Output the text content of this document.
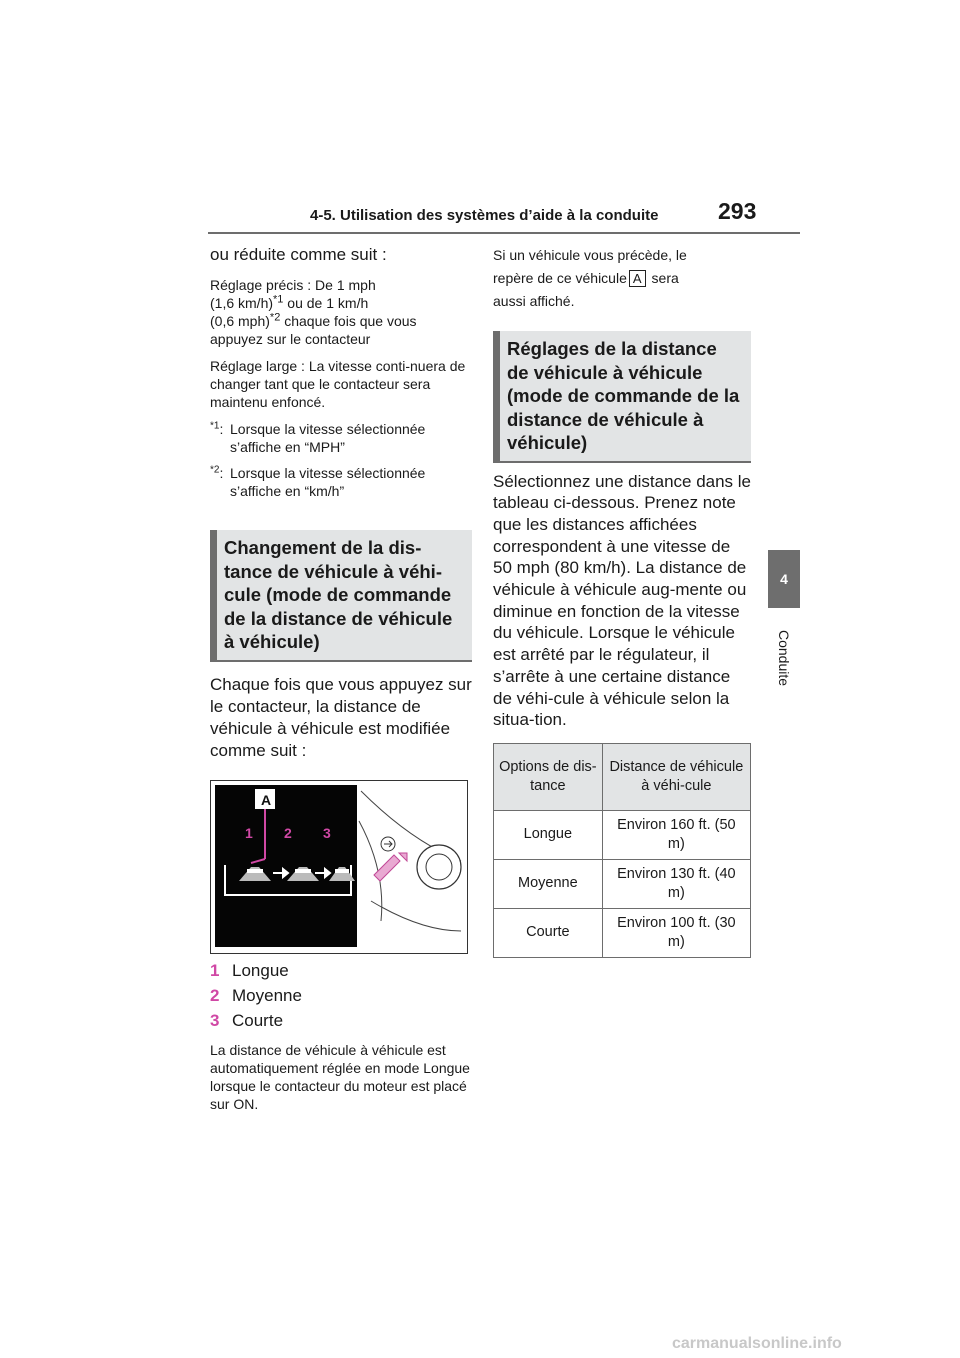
4-5. Utilisation des systèmes d’aide à la conduite	293
4
Conduite

ou réduite comme suit :

Réglage précis : De 1 mph
(1,6 km/h)$^{*1}$ ou de 1 km/h
(0,6 mph)$^{*2}$ chaque fois que vous appuyez sur le contacteur

Réglage large : La vitesse conti-nuera de changer tant que le contacteur sera maintenu enfoncé.

$^{*1}$: Lorsque la vitesse sélectionnée s’affiche en “MPH”
$^{*2}$: Lorsque la vitesse sélectionnée s’affiche en “km/h”
Changement de la dis-tance de véhicule à véhi-cule (mode de commande de la distance de véhicule à véhicule)

Chaque fois que vous appuyez sur le contacteur, la distance de véhicule à véhicule est modifiée comme suit :

A
1 2 3
1 Longue
2 Moyenne
3 Courte

La distance de véhicule à véhicule est automatiquement réglée en mode Longue lorsque le contacteur du moteur est placé sur ON.

Si un véhicule vous précède, le
repère de ce véhicule A sera
aussi affiché.

Réglages de la distance de véhicule à véhicule (mode de commande de la distance de véhicule à véhicule)

Sélectionnez une distance dans le tableau ci-dessous. Prenez note que les distances affichées correspondent à une vitesse de 50 mph (80 km/h). La distance de véhicule à véhicule aug-mente ou diminue en fonction de la vitesse du véhicule. Lorsque le véhicule est arrêté par le régulateur, il s’arrête à une certaine distance de véhi-cule à véhicule selon la situa-tion.

Options de dis-tance	Distance de véhicule à véhi-cule
Longue	Environ 160 ft. (50 m)
Moyenne	Environ 130 ft. (40 m)
Courte	Environ 100 ft. (30 m)
carmanualsonline.info
